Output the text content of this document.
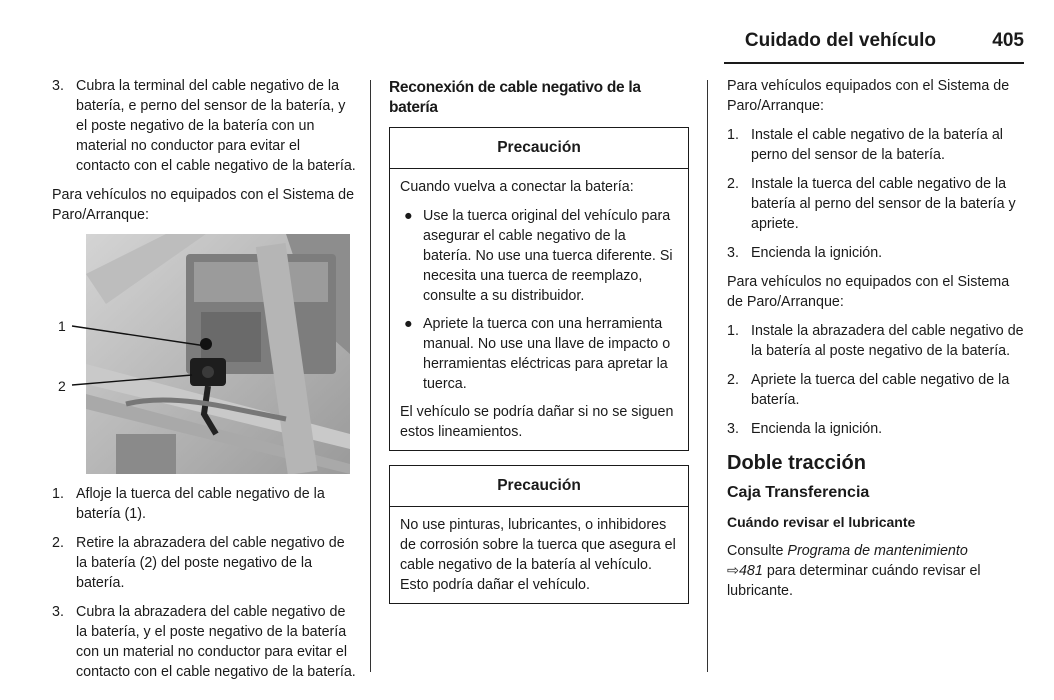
Cuidado del vehículo	405
3. Cubra la terminal del cable negativo de la batería, e perno del sensor de la batería, y el poste negativo de la batería con un material no conductor para evitar el contacto con el cable negativo de la batería.

Para vehículos no equipados con el Sistema de Paro/Arranque:

1
2
1. Afloje la tuerca del cable negativo de la batería (1).
2. Retire la abrazadera del cable negativo de la batería (2) del poste negativo de la batería.
3. Cubra la abrazadera del cable negativo de la batería, y el poste negativo de la batería con un material no conductor para evitar el contacto con el cable negativo de la batería.
Reconexión de cable negativo de la batería
Precaución

Cuando vuelva a conectar la batería:

● Use la tuerca original del vehículo para asegurar el cable negativo de la batería. No use una tuerca diferente. Si necesita una tuerca de reemplazo, consulte a su distribuidor.
● Apriete la tuerca con una herramienta manual. No use una llave de impacto o herramientas eléctricas para apretar la tuerca.

El vehículo se podría dañar si no se siguen estos lineamientos.

Precaución

No use pinturas, lubricantes, o inhibidores de corrosión sobre la tuerca que asegura el cable negativo de la batería al vehículo. Esto podría dañar el vehículo.

Para vehículos equipados con el Sistema de Paro/Arranque:

1. Instale el cable negativo de la batería al perno del sensor de la batería.
2. Instale la tuerca del cable negativo de la batería al perno del sensor de la batería y apriete.
3. Encienda la ignición.

Para vehículos no equipados con el Sistema de Paro/Arranque:

1. Instale la abrazadera del cable negativo de la batería al poste negativo de la batería.
2. Apriete la tuerca del cable negativo de la batería.
3. Encienda la ignición.
Doble tracción
Caja Transferencia
Cuándo revisar el lubricante

Consulte Programa de mantenimiento
⇨481 para determinar cuándo revisar el lubricante.
